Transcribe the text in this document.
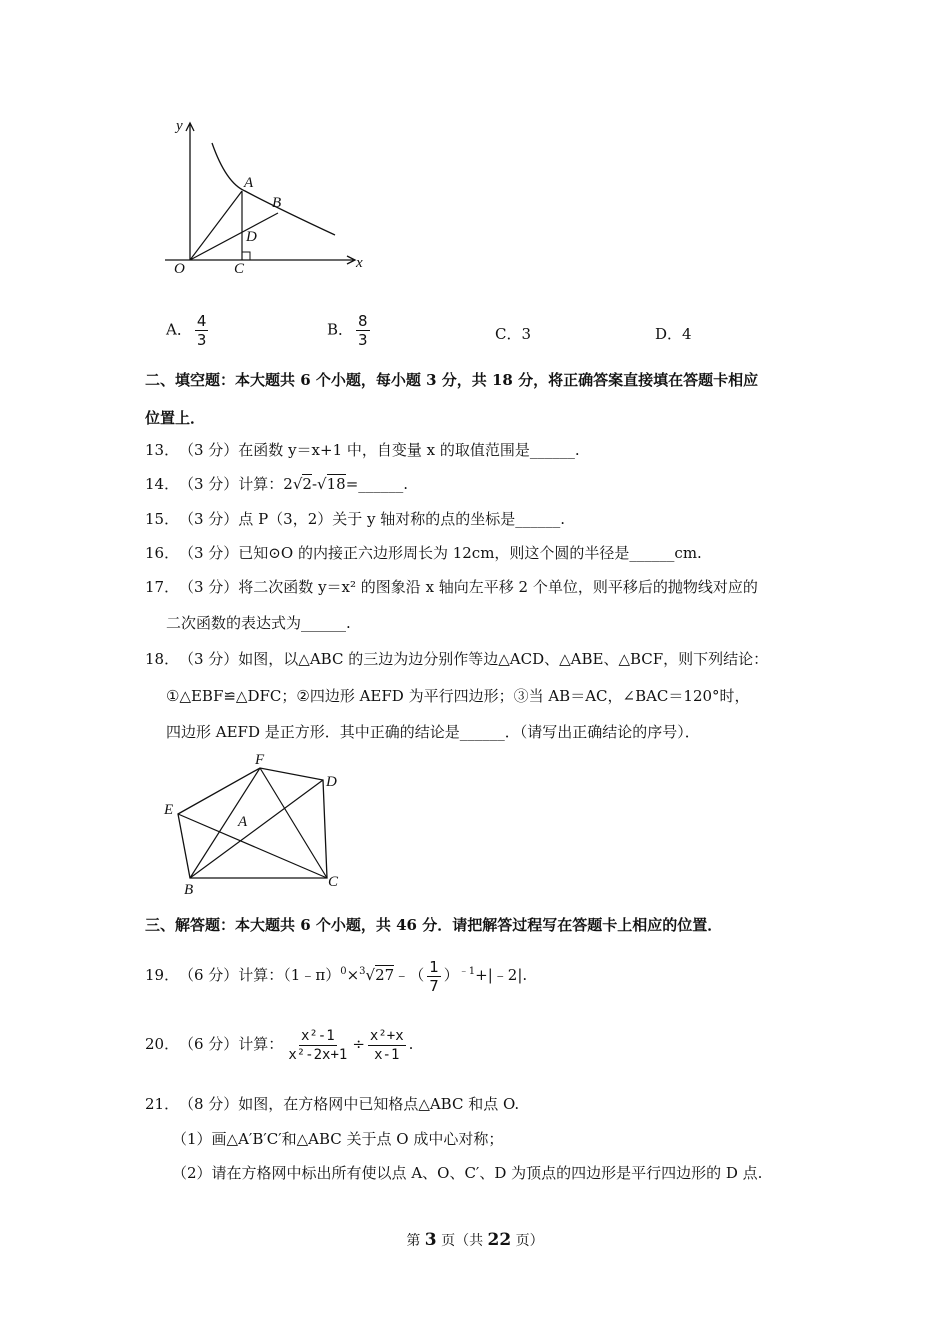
y
x
O
A
B
D
C
A． $\frac{4}{3}$	B． $\frac{8}{3}$	C．3	D．4
二、填空题：本大题共 6 个小题，每小题 3 分，共 18 分，将正确答案直接填在答题卡相应
位置上．
13．（3 分）在函数 y＝x+1 中，自变量 x 的取值范围是______.
14．（3 分）计算：2√2-√18=______.
15．（3 分）点 P（3，2）关于 y 轴对称的点的坐标是______.
16．（3 分）已知⊙O 的内接正六边形周长为 12cm，则这个圆的半径是______cm.
17．（3 分）将二次函数 y＝x² 的图象沿 x 轴向左平移 2 个单位，则平移后的抛物线对应的
二次函数的表达式为______.
18．（3 分）如图，以△ABC 的三边为边分别作等边△ACD、△ABE、△BCF，则下列结论：
①△EBF≌△DFC；②四边形 AEFD 为平行四边形；③当 AB＝AC，∠BAC＝120°时，
四边形 AEFD 是正方形．其中正确的结论是______．（请写出正确结论的序号）．
F
D
E
A
B	C
三、解答题：本大题共 6 个小题，共 46 分．请把解答过程写在答题卡上相应的位置．
19．（6 分）计算：（1﹣π）$^0$×$^3$√27﹣（ $\frac{1}{7}$ ）$^{﹣1}$+|﹣2|.
20．（6 分）计算： $\frac{\text{x²-1}}{\text{x²-2x+1}} \div \frac{\text{x²+x}}{x-1}$ .
21．（8 分）如图，在方格网中已知格点△ABC 和点 O.
（1）画△A′B′C′和△ABC 关于点 O 成中心对称；
（2）请在方格网中标出所有使以点 A、O、C′、D 为顶点的四边形是平行四边形的 D 点.
第 3 页（共 22 页）
